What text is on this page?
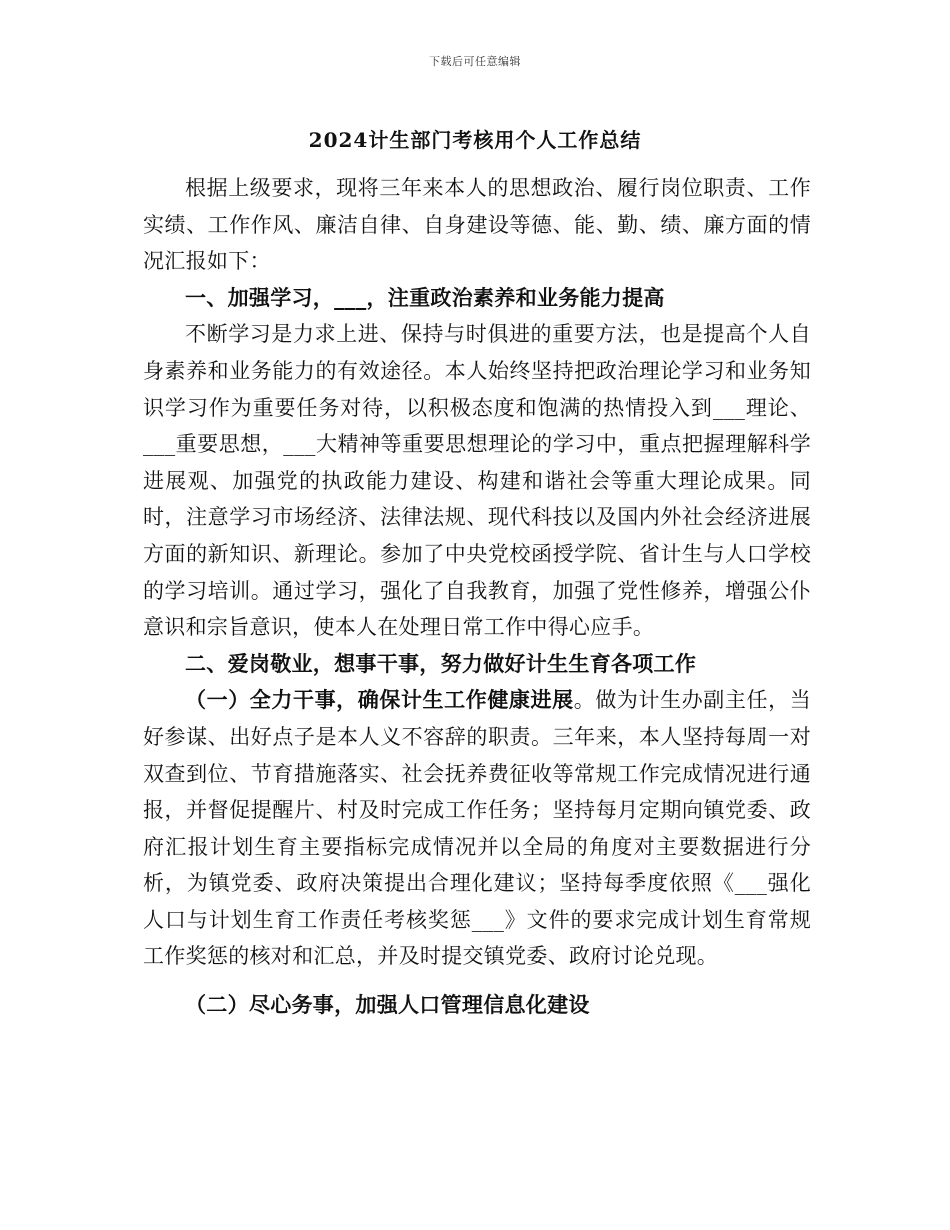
下载后可任意编辑
2024计生部门考核用个人工作总结

根据上级要求，现将三年来本人的思想政治、履行岗位职责、工作实绩、工作作风、廉洁自律、自身建设等德、能、勤、绩、廉方面的情况汇报如下：

一、加强学习，___，注重政治素养和业务能力提高

不断学习是力求上进、保持与时俱进的重要方法，也是提高个人自身素养和业务能力的有效途径。本人始终坚持把政治理论学习和业务知识学习作为重要任务对待，以积极态度和饱满的热情投入到___理论、___重要思想，___大精神等重要思想理论的学习中，重点把握理解科学进展观、加强党的执政能力建设、构建和谐社会等重大理论成果。同时，注意学习市场经济、法律法规、现代科技以及国内外社会经济进展方面的新知识、新理论。参加了中央党校函授学院、省计生与人口学校的学习培训。通过学习，强化了自我教育，加强了党性修养，增强公仆意识和宗旨意识，使本人在处理日常工作中得心应手。

二、爱岗敬业，想事干事，努力做好计生生育各项工作

（一）全力干事，确保计生工作健康进展。做为计生办副主任，当好参谋、出好点子是本人义不容辞的职责。三年来，本人坚持每周一对双查到位、节育措施落实、社会抚养费征收等常规工作完成情况进行通报，并督促提醒片、村及时完成工作任务；坚持每月定期向镇党委、政府汇报计划生育主要指标完成情况并以全局的角度对主要数据进行分析，为镇党委、政府决策提出合理化建议；坚持每季度依照《___强化人口与计划生育工作责任考核奖惩___》文件的要求完成计划生育常规工作奖惩的核对和汇总，并及时提交镇党委、政府讨论兑现。

（二）尽心务事，加强人口管理信息化建设
